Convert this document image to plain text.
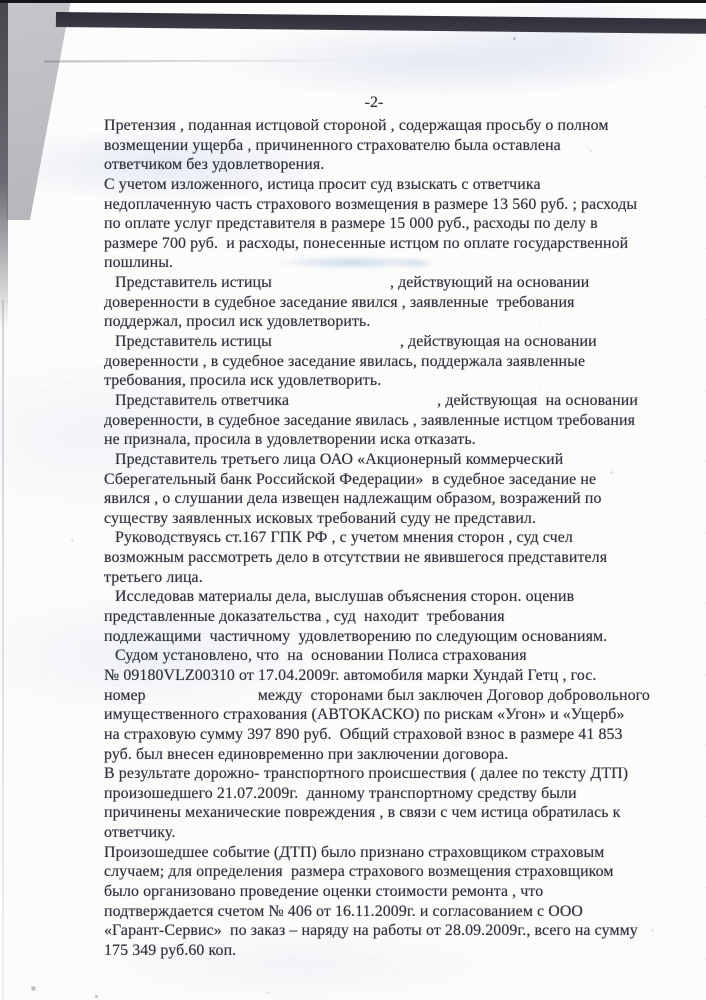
-2-
Претензия , поданная истцовой стороной , содержащая просьбу о полном
возмещении ущерба , причиненного страхователю была оставлена
ответчиком без удовлетворения.
С учетом изложенного, истица просит суд взыскать с ответчика
недоплаченную часть страхового возмещения в размере 13 560 руб. ; расходы
по оплате услуг представителя в размере 15 000 руб., расходы по делу в
размере 700 руб.  и расходы, понесенные истцом по оплате государственной
пошлины.
Представитель истицы	, действующий на основании
доверенности в судебное заседание явился , заявленные  требования
поддержал, просил иск удовлетворить.
Представитель истицы	, действующая на основании
доверенности , в судебное заседание явилась, поддержала заявленные
требования, просила иск удовлетворить.
Представитель ответчика	, действующая  на основании
доверенности, в судебное заседание явилась , заявленные истцом требования
не признала, просила в удовлетворении иска отказать.
Представитель третьего лица ОАО «Акционерный коммерческий
Сберегательный банк Российской Федерации»  в судебное заседание не
явился , о слушании дела извещен надлежащим образом, возражений по
существу заявленных исковых требований суду не представил.
Руководствуясь ст.167 ГПК РФ , с учетом мнения сторон , суд счел
возможным рассмотреть дело в отсутствии не явившегося представителя
третьего лица.
Исследовав материалы дела, выслушав объяснения сторон. оценив
представленные доказательства , суд  находит  требования
подлежащими  частичному  удовлетворению по следующим основаниям.
Судом установлено, что  на  основании Полиса страхования
№ 09180VLZ00310 от 17.04.2009г. автомобиля марки Хундай Гетц , гос.
номер	между  сторонами был заключен Договор добровольного
имущественного страхования (АВТОКАСКО) по рискам «Угон» и «Ущерб»
на страховую сумму 397 890 руб.  Общий страховой взнос в размере 41 853
руб. был внесен единовременно при заключении договора.
В результате дорожно- транспортного происшествия ( далее по тексту ДТП)
произошедшего 21.07.2009г.  данному транспортному средству были
причинены механические повреждения , в связи с чем истица обратилась к
ответчику.
Произошедшее событие (ДТП) было признано страховщиком страховым
случаем; для определения  размера страхового возмещения страховщиком
было организовано проведение оценки стоимости ремонта , что
подтверждается счетом № 406 от 16.11.2009г. и согласованием с ООО
«Гарант-Сервис»  по заказ – наряду на работы от 28.09.2009г., всего на сумму
175 349 руб.60 коп.
